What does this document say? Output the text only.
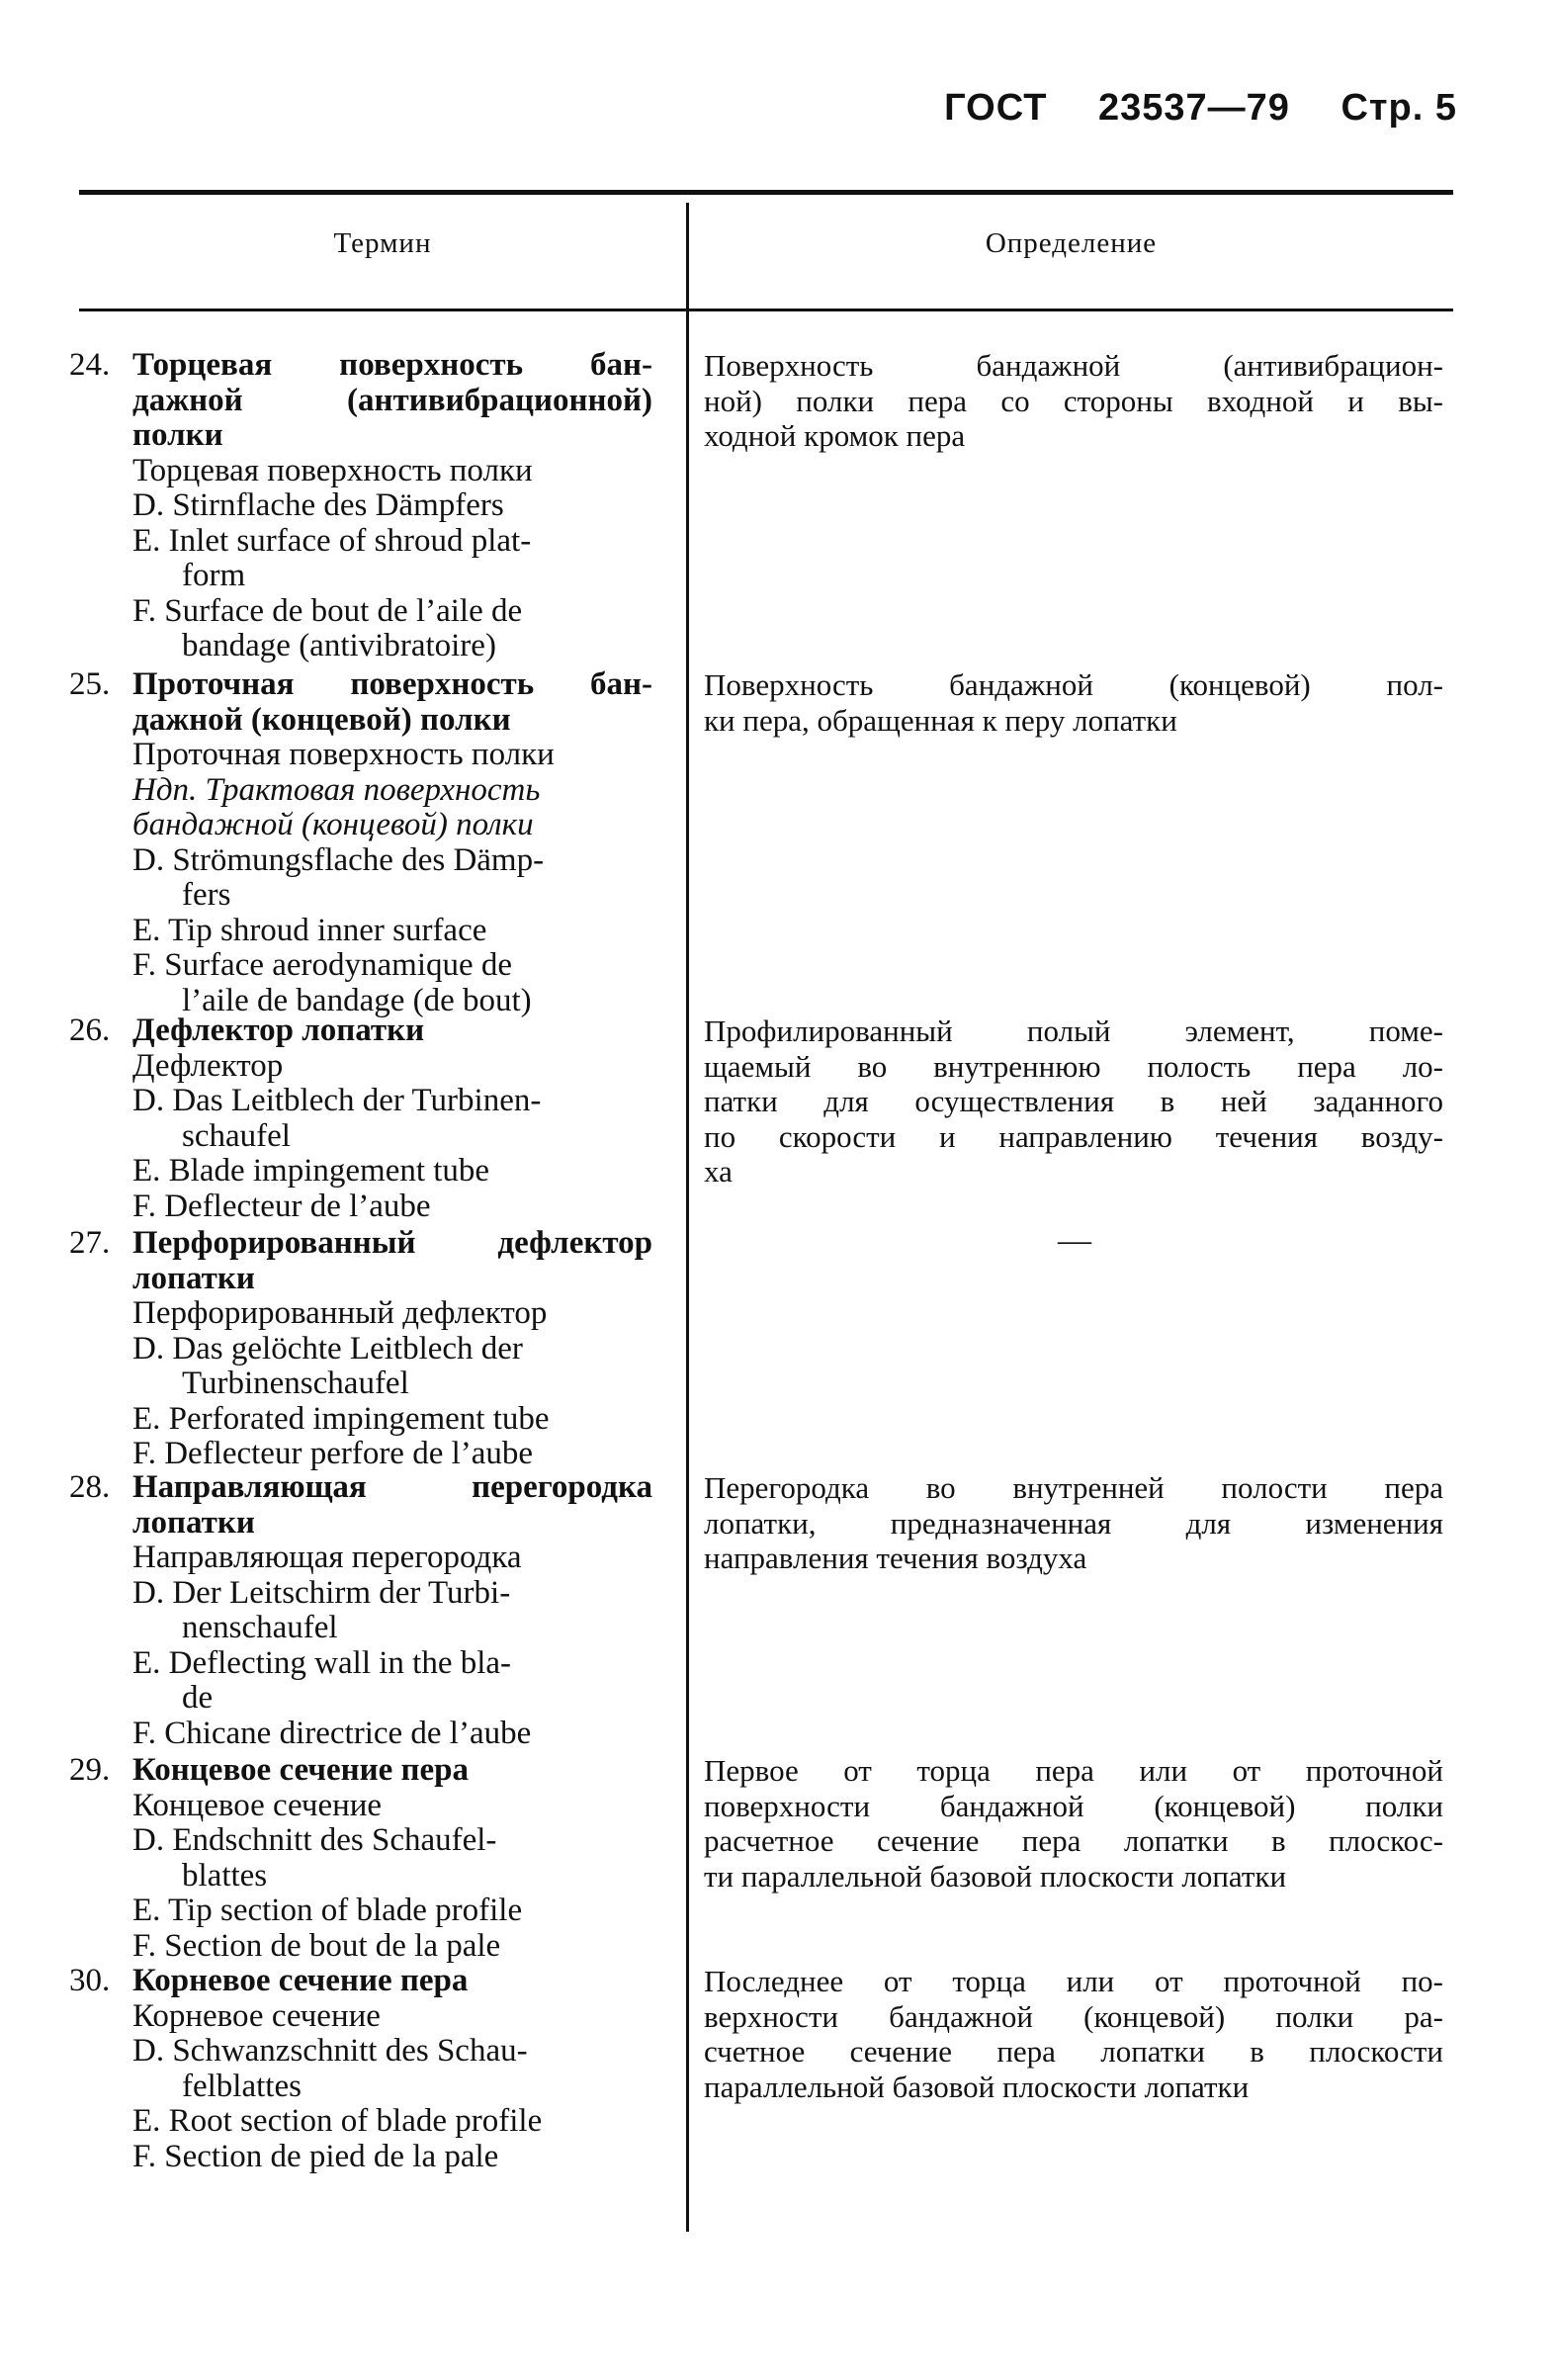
ГОСТ 23537—79 Стр. 5
Термин	Определение
24. Торцевая поверхность бан-
дажной (антивибрационной)
полки
Торцевая поверхность полки
D. Stirnflache des Dämpfers
E. Inlet surface of shroud plat-
form
F. Surface de bout de l’aile de
bandage (antivibratoire)
Поверхность бандажной (антивибрацион-
ной) полки пера со стороны входной и вы-
ходной кромок пера
25. Проточная поверхность бан-
дажной (концевой) полки
Проточная поверхность полки
Ндп. Трактовая поверхность
бандажной (концевой) полки
D. Strömungsflache des Dämp-
fers
E. Tip shroud inner surface
F. Surface aerodynamique de
l’aile de bandage (de bout)
Поверхность бандажной (концевой) пол-
ки пера, обращенная к перу лопатки
26. Дефлектор лопатки
Дефлектор
D. Das Leitblech der Turbinen-
schaufel
E. Blade impingement tube
F. Deflecteur de l’aube
Профилированный полый элемент, поме-
щаемый во внутреннюю полость пера ло-
патки для осуществления в ней заданного
по скорости и направлению течения возду-
ха
27. Перфорированный дефлектор
лопатки
Перфорированный дефлектор
D. Das gelöchte Leitblech der
Turbinenschaufel
E. Perforated impingement tube
F. Deflecteur perfore de l’aube
—
28. Направляющая перегородка
лопатки
Направляющая перегородка
D. Der Leitschirm der Turbi-
nenschaufel
E. Deflecting wall in the bla-
de
F. Chicane directrice de l’aube
Перегородка во внутренней полости пера
лопатки, предназначенная для изменения
направления течения воздуха
29. Концевое сечение пера
Концевое сечение
D. Endschnitt des Schaufel-
blattes
E. Tip section of blade profile
F. Section de bout de la pale
Первое от торца пера или от проточной
поверхности бандажной (концевой) полки
расчетное сечение пера лопатки в плоскос-
ти параллельной базовой плоскости лопатки
30. Корневое сечение пера
Корневое сечение
D. Schwanzschnitt des Schau-
felblattes
E. Root section of blade profile
F. Section de pied de la pale
Последнее от торца или от проточной по-
верхности бандажной (концевой) полки ра-
счетное сечение пера лопатки в плоскости
параллельной базовой плоскости лопатки
